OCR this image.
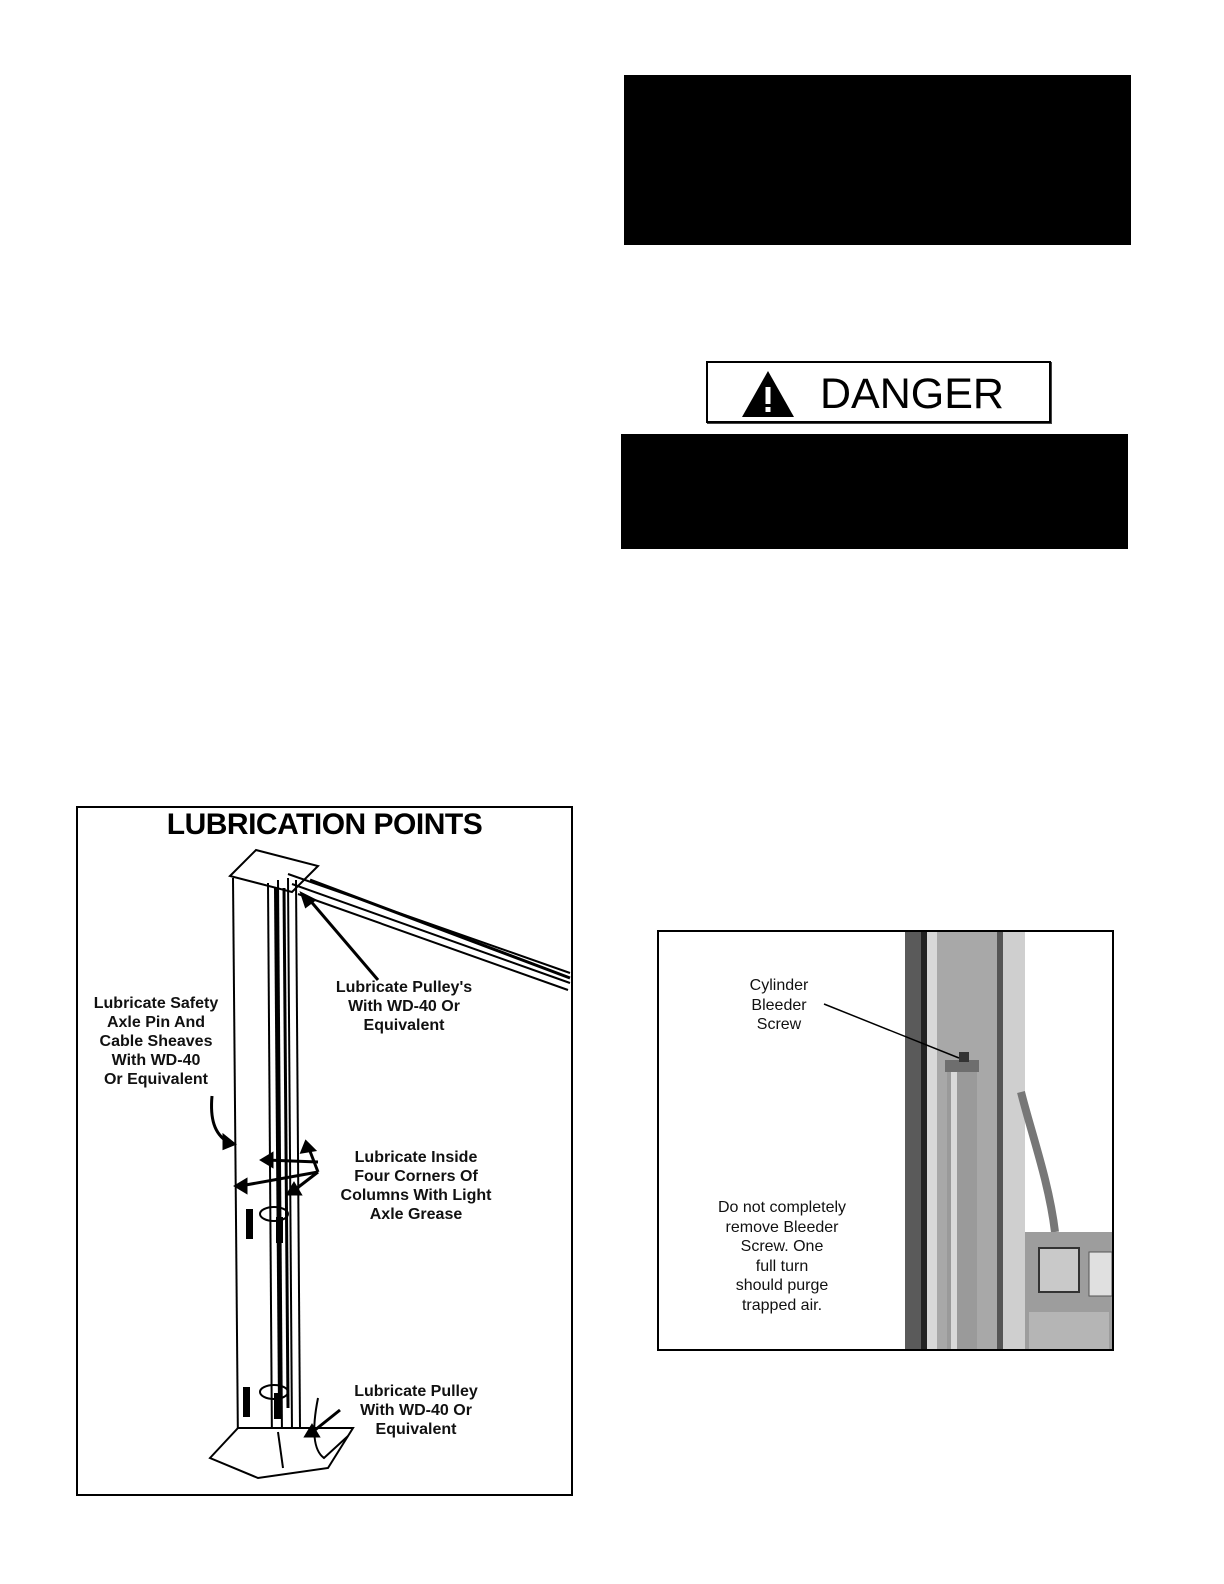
DANGER
LUBRICATION POINTS
Lubricate Safety
Axle Pin And
Cable Sheaves
With WD-40
Or Equivalent
Lubricate Pulley's
With WD-40 Or
Equivalent
Lubricate Inside
Four Corners Of
Columns With Light
Axle Grease
Lubricate Pulley
With WD-40 Or
Equivalent
Cylinder
Bleeder
Screw
Do not completely
remove Bleeder
Screw. One
full turn
should purge
trapped air.
